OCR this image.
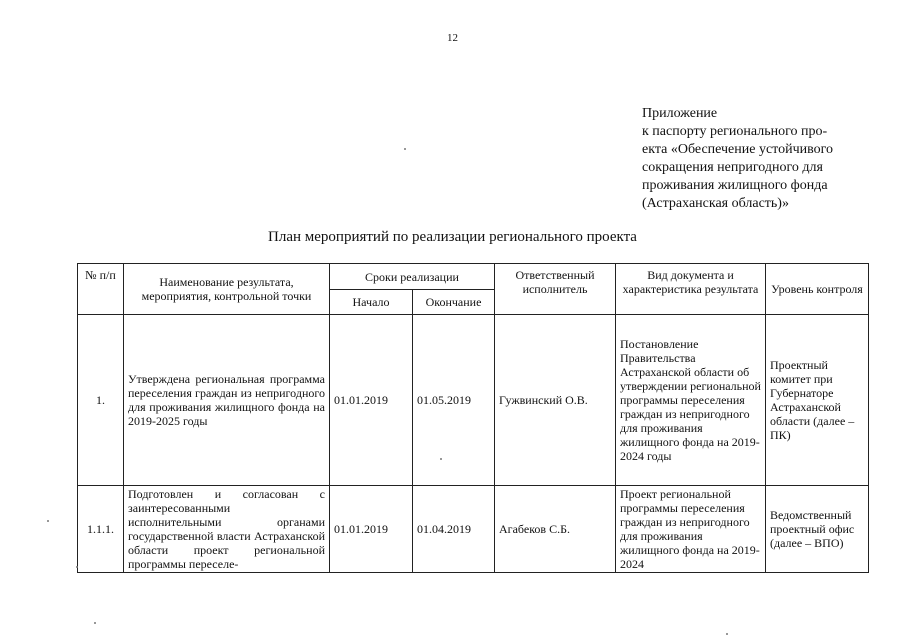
12
Приложение
к паспорту регионального про-
екта «Обеспечение устойчивого
сокращения непригодного для
проживания жилищного фонда
(Астраханская область)»
План мероприятий по реализации регионального проекта
№ п/п	Наименование результата, мероприятия, контрольной точки	Сроки реализации		Ответственный исполнитель	Вид документа и характеристика результата	Уровень контроля
		Начало	Окончание			
1.	Утверждена региональная программа переселения граждан из непригодного для проживания жилищного фонда на 2019-2025 годы	01.01.2019	01.05.2019	Гужвинский О.В.	Постановление Правительства Астраханской области об утверждении региональной программы переселения граждан из непригодного для проживания жилищного фонда на 2019-2024 годы	Проектный комитет при Губернаторе Астраханской области (далее – ПК)
1.1.1.	Подготовлен и согласован с заинтересованными исполнительными органами государственной власти Астраханской области проект региональной программы переселе-	01.01.2019	01.04.2019	Агабеков С.Б.	Проект региональной программы переселения граждан из непригодного для проживания жилищного фонда на 2019-2024	Ведомственный проектный офис (далее – ВПО)
